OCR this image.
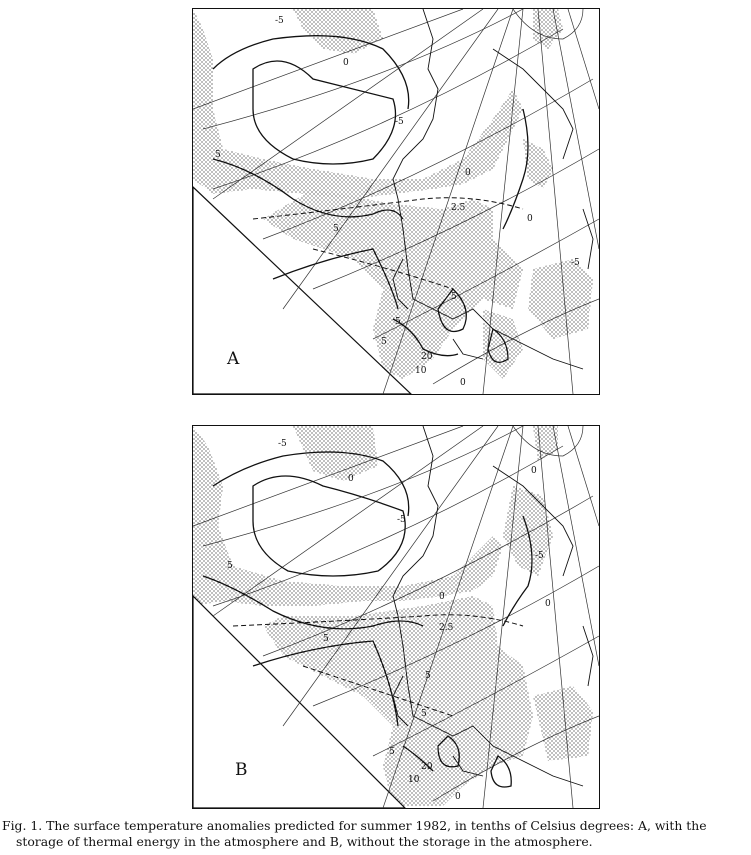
-5
0
-5
5
0
2.5
0
-5
5
5
5
5
20
10
0
A
-5
0
-5
5
0
2.5
0
-5
0
5
5
5
5
20
10
0
B
Fig. 1. The surface temperature anomalies predicted for summer 1982, in tenths of Celsius degrees: A, with the
storage of thermal energy in the atmosphere and B, without the storage in the atmosphere.
